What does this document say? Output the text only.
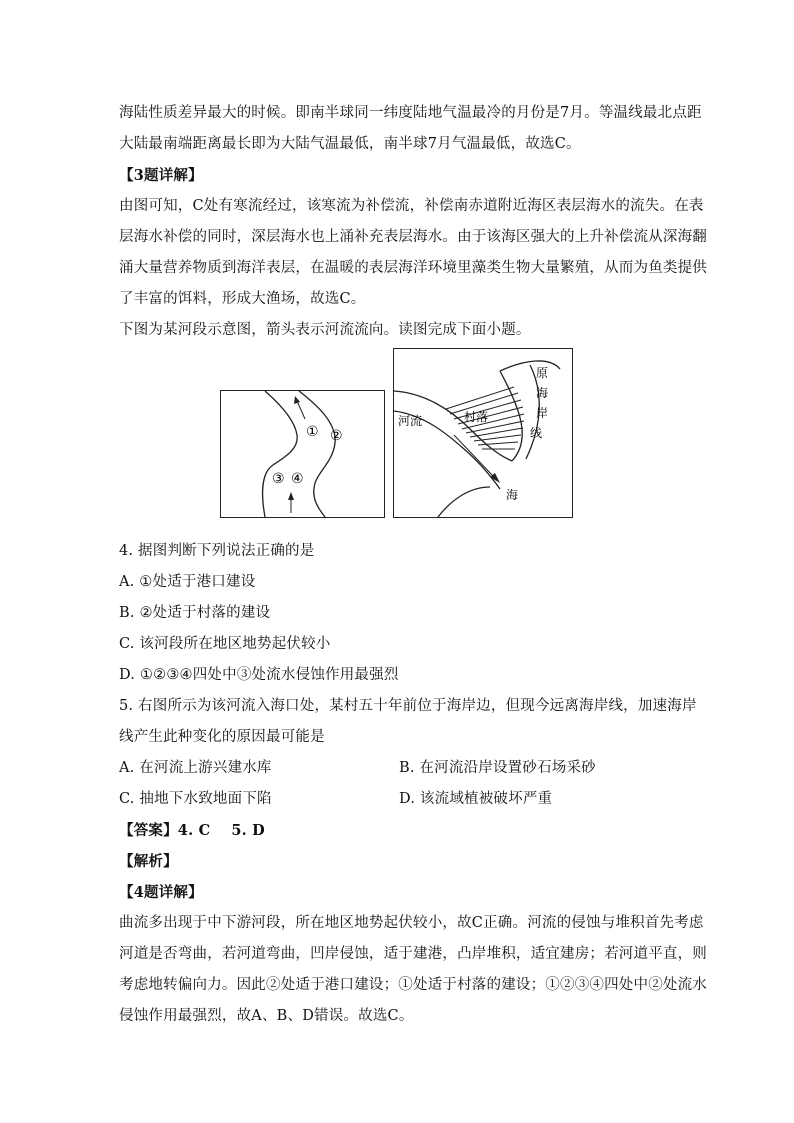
海陆性质差异最大的时候。即南半球同一纬度陆地气温最冷的月份是7月。等温线最北点距
大陆最南端距离最长即为大陆气温最低，南半球7月气温最低，故选C。
【3题详解】
由图可知，C处有寒流经过，该寒流为补偿流，补偿南赤道附近海区表层海水的流失。在表
层海水补偿的同时，深层海水也上涌补充表层海水。由于该海区强大的上升补偿流从深海翻
涌大量营养物质到海洋表层，在温暖的表层海洋环境里藻类生物大量繁殖，从而为鱼类提供
了丰富的饵料，形成大渔场，故选C。
下图为某河段示意图，箭头表示河流流向。读图完成下面小题。
① ②
③ ④
河流	村落
海
原
海
岸
线
4. 据图判断下列说法正确的是
A. ①处适于港口建设
B. ②处适于村落的建设
C. 该河段所在地区地势起伏较小
D. ①②③④四处中③处流水侵蚀作用最强烈
5. 右图所示为该河流入海口处，某村五十年前位于海岸边，但现今远离海岸线，加速海岸
线产生此种变化的原因最可能是
A. 在河流上游兴建水库	B. 在河流沿岸设置砂石场采砂
C. 抽地下水致地面下陷	D. 该流域植被破坏严重
【答案】4. C    5. D
【解析】
【4题详解】
曲流多出现于中下游河段，所在地区地势起伏较小，故C正确。河流的侵蚀与堆积首先考虑
河道是否弯曲，若河道弯曲，凹岸侵蚀，适于建港，凸岸堆积，适宜建房；若河道平直，则
考虑地转偏向力。因此②处适于港口建设；①处适于村落的建设；①②③④四处中②处流水
侵蚀作用最强烈，故A、B、D错误。故选C。
